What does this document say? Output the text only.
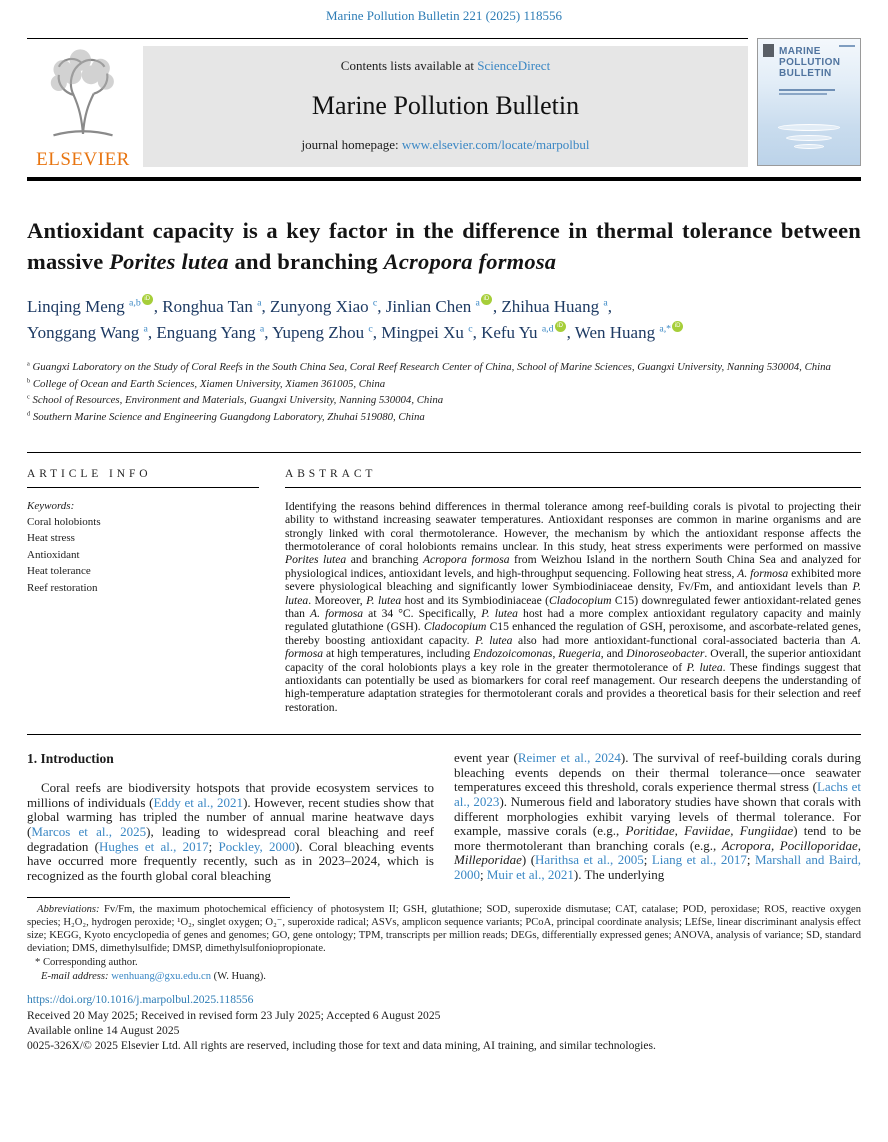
Marine Pollution Bulletin 221 (2025) 118556
ELSEVIER
Contents lists available at ScienceDirect
Marine Pollution Bulletin
journal homepage: www.elsevier.com/locate/marpolbul
MARINE POLLUTION BULLETIN
Antioxidant capacity is a key factor in the difference in thermal tolerance between massive Porites lutea and branching Acropora formosa
Linqing Meng $^{a,b}$ iD , Ronghua Tan $^a$, Zunyong Xiao $^c$, Jinlian Chen $^a$ iD , Zhihua Huang $^a$,
Yonggang Wang $^a$, Enguang Yang $^a$, Yupeng Zhou $^c$, Mingpei Xu $^c$, Kefu Yu $^{a,d}$ iD , Wen Huang $^{a,*}$iD

$^a$ Guangxi Laboratory on the Study of Coral Reefs in the South China Sea, Coral Reef Research Center of China, School of Marine Sciences, Guangxi University, Nanning 530004, China

$^b$ College of Ocean and Earth Sciences, Xiamen University, Xiamen 361005, China

$^c$ School of Resources, Environment and Materials, Guangxi University, Nanning 530004, China

$^d$ Southern Marine Science and Engineering Guangdong Laboratory, Zhuhai 519080, China

ARTICLE INFO
Keywords:
Coral holobionts
Heat stress
Antioxidant
Heat tolerance
Reef restoration
ABSTRACT

Identifying the reasons behind differences in thermal tolerance among reef-building corals is pivotal to projecting their ability to withstand increasing seawater temperatures. Antioxidant responses are common in marine organisms and are strongly linked with coral thermotolerance. However, the mechanism by which the antioxidant response affects the thermotolerance of coral holobionts remains unclear. In this study, heat stress experiments were performed on massive Porites lutea and branching Acropora formosa from Weizhou Island in the northern South China Sea and analyzed for physiological indices, antioxidant levels, and high-throughput sequencing. Following heat stress, A. formosa exhibited more severe physiological bleaching and significantly lower Symbiodiniaceae density, Fv/Fm, and antioxidant levels than P. lutea. Moreover, P. lutea host and its Symbiodiniaceae (Cladocopium C15) downregulated fewer antioxidant-related genes than A. formosa at 34 °C. Specifically, P. lutea host had a more complex antioxidant regulatory capacity and mainly regulated glutathione (GSH). Cladocopium C15 enhanced the regulation of GSH, peroxisome, and ascorbate-related genes, thereby boosting antioxidant capacity. P. lutea also had more antioxidant-functional coral-associated bacteria than A. formosa at high temperatures, including Endozoicomonas, Ruegeria, and Dinoroseobacter. Overall, the superior antioxidant capacity of the coral holobionts plays a key role in the greater thermotolerance of P. lutea. These findings suggest that antioxidants can potentially be used as biomarkers for coral reef management. Our research deepens the understanding of high-temperature adaptation strategies for thermotolerant corals and provides a theoretical basis for their selection and reef restoration.

1. Introduction

Coral reefs are biodiversity hotspots that provide ecosystem services to millions of individuals (Eddy et al., 2021). However, recent studies show that global warming has tripled the number of annual marine heatwave days (Marcos et al., 2025), leading to widespread coral bleaching and reef degradation (Hughes et al., 2017; Pockley, 2000). Coral bleaching events have occurred more frequently recently, such as in 2023–2024, which is recognized as the fourth global coral bleaching

event year (Reimer et al., 2024). The survival of reef-building corals during bleaching events depends on their thermal tolerance—once seawater temperatures exceed this threshold, corals experience thermal stress (Lachs et al., 2023). Numerous field and laboratory studies have shown that corals with different morphologies exhibit varying levels of thermal tolerance. For example, massive corals (e.g., Poritidae, Faviidae, Fungiidae) tend to be more thermotolerant than branching corals (e.g., Acropora, Pocilloporidae, Milleporidae) (Harithsa et al., 2005; Liang et al., 2017; Marshall and Baird, 2000; Muir et al., 2021). The underlying

Abbreviations: Fv/Fm, the maximum photochemical efficiency of photosystem II; GSH, glutathione; SOD, superoxide dismutase; CAT, catalase; POD, peroxidase; ROS, reactive oxygen species; H₂O₂, hydrogen peroxide; ¹O₂, singlet oxygen; O₂⁻, superoxide radical; ASVs, amplicon sequence variants; PCoA, principal coordinate analysis; LEfSe, linear discriminant analysis effect size; KEGG, Kyoto encyclopedia of genes and genomes; GO, gene ontology; TPM, transcripts per million reads; DEGs, differentially expressed genes; ANOVA, analysis of variance; SD, standard deviation; DMS, dimethylsulfide; DMSP, dimethylsulfoniopropionate.

* Corresponding author.

E-mail address: wenhuang@gxu.edu.cn (W. Huang).

https://doi.org/10.1016/j.marpolbul.2025.118556
Received 20 May 2025; Received in revised form 23 July 2025; Accepted 6 August 2025
Available online 14 August 2025
0025-326X/© 2025 Elsevier Ltd. All rights are reserved, including those for text and data mining, AI training, and similar technologies.
